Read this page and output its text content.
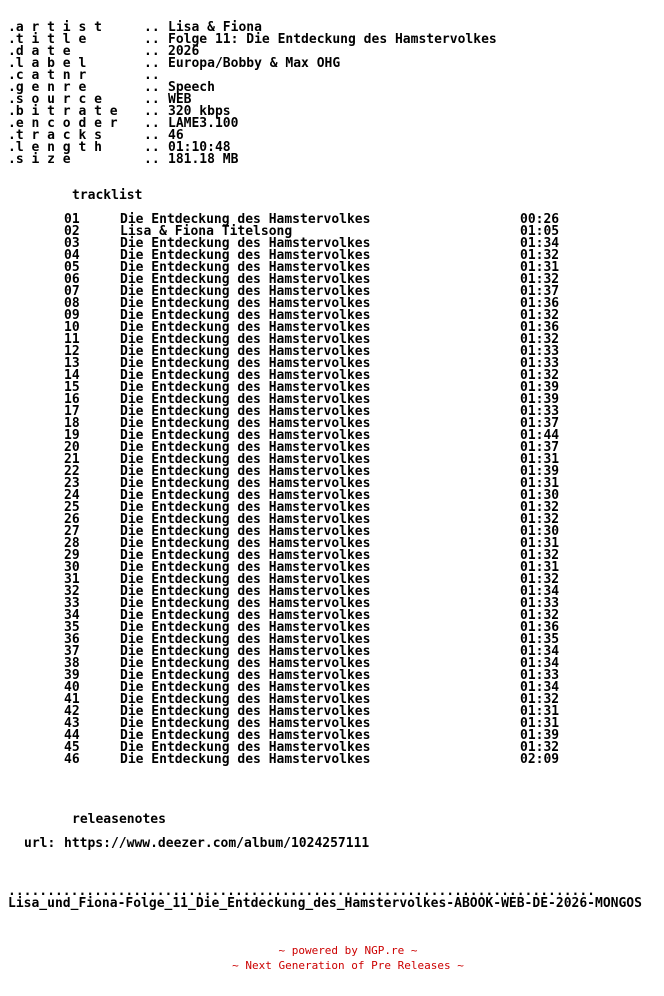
.a r t i s t	.. Lisa & Fiona
.t i t l e	.. Folge 11: Die Entdeckung des Hamstervolkes
.d a t e	.. 2026
.l a b e l	.. Europa/Bobby & Max OHG
.c a t n r	..
.g e n r e	.. Speech
.s o u r c e	.. WEB
.b i t r a t e .. 320 kbps
.e n c o d e r .. LAME3.100
.t r a c k s	.. 46
.l e n g t h	.. 01:10:48
.s i z e	.. 181.18 MB
tracklist
01	Die Entdeckung des Hamstervolkes	00:26
02	Lisa & Fiona Titelsong	01:05
03	Die Entdeckung des Hamstervolkes	01:34
04	Die Entdeckung des Hamstervolkes	01:32
05	Die Entdeckung des Hamstervolkes	01:31
06	Die Entdeckung des Hamstervolkes	01:32
07	Die Entdeckung des Hamstervolkes	01:37
08	Die Entdeckung des Hamstervolkes	01:36
09	Die Entdeckung des Hamstervolkes	01:32
10	Die Entdeckung des Hamstervolkes	01:36
11	Die Entdeckung des Hamstervolkes	01:32
12	Die Entdeckung des Hamstervolkes	01:33
13	Die Entdeckung des Hamstervolkes	01:33
14	Die Entdeckung des Hamstervolkes	01:32
15	Die Entdeckung des Hamstervolkes	01:39
16	Die Entdeckung des Hamstervolkes	01:39
17	Die Entdeckung des Hamstervolkes	01:33
18	Die Entdeckung des Hamstervolkes	01:37
19	Die Entdeckung des Hamstervolkes	01:44
20	Die Entdeckung des Hamstervolkes	01:37
21	Die Entdeckung des Hamstervolkes	01:31
22	Die Entdeckung des Hamstervolkes	01:39
23	Die Entdeckung des Hamstervolkes	01:31
24	Die Entdeckung des Hamstervolkes	01:30
25	Die Entdeckung des Hamstervolkes	01:32
26	Die Entdeckung des Hamstervolkes	01:32
27	Die Entdeckung des Hamstervolkes	01:30
28	Die Entdeckung des Hamstervolkes	01:31
29	Die Entdeckung des Hamstervolkes	01:32
30	Die Entdeckung des Hamstervolkes	01:31
31	Die Entdeckung des Hamstervolkes	01:32
32	Die Entdeckung des Hamstervolkes	01:34
33	Die Entdeckung des Hamstervolkes	01:33
34	Die Entdeckung des Hamstervolkes	01:32
35	Die Entdeckung des Hamstervolkes	01:36
36	Die Entdeckung des Hamstervolkes	01:35
37	Die Entdeckung des Hamstervolkes	01:34
38	Die Entdeckung des Hamstervolkes	01:34
39	Die Entdeckung des Hamstervolkes	01:33
40	Die Entdeckung des Hamstervolkes	01:34
41	Die Entdeckung des Hamstervolkes	01:32
42	Die Entdeckung des Hamstervolkes	01:31
43	Die Entdeckung des Hamstervolkes	01:31
44	Die Entdeckung des Hamstervolkes	01:39
45	Die Entdeckung des Hamstervolkes	01:32
46	Die Entdeckung des Hamstervolkes	02:09
releasenotes
url: https://www.deezer.com/album/1024257111
...........................................................................
Lisa_und_Fiona-Folge_11_Die_Entdeckung_des_Hamstervolkes-ABOOK-WEB-DE-2026-MONGOS
~ powered by NGP.re ~
~ Next Generation of Pre Releases ~
